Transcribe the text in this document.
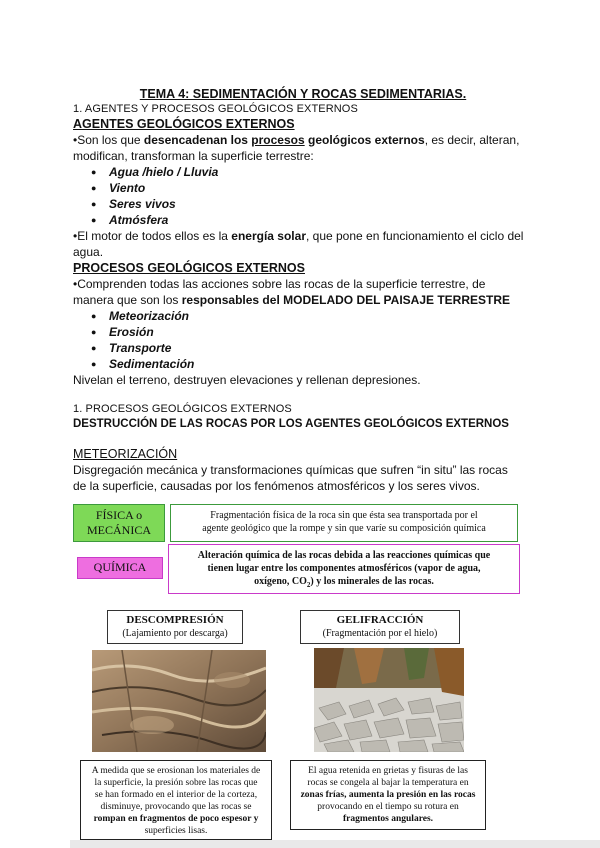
TEMA 4: SEDIMENTACIÓN Y ROCAS SEDIMENTARIAS.
1. AGENTES Y PROCESOS GEOLÓGICOS EXTERNOS
AGENTES GEOLÓGICOS EXTERNOS
•Son los que desencadenan los procesos geológicos externos, es decir, alteran,
modifican, transforman la superficie terrestre:
● Agua /hielo / Lluvia
● Viento
● Seres vivos
● Atmósfera
•El motor de todos ellos es la energía solar, que pone en funcionamiento el ciclo del
agua.
PROCESOS GEOLÓGICOS EXTERNOS
•Comprenden todas las acciones sobre las rocas de la superficie terrestre, de
manera que son los responsables del MODELADO DEL PAISAJE TERRESTRE
● Meteorización
● Erosión
● Transporte
● Sedimentación
Nivelan el terreno, destruyen elevaciones y rellenan depresiones.
1. PROCESOS GEOLÓGICOS EXTERNOS
DESTRUCCIÓN DE LAS ROCAS POR LOS AGENTES GEOLÓGICOS EXTERNOS
METEORIZACIÓN
Disgregación mecánica y transformaciones químicas que sufren “in situ” las rocas
de la superficie, causadas por los fenómenos atmosféricos y los seres vivos.
FÍSICA o
MECÁNICA
Fragmentación física de la roca sin que ésta sea transportada por el
agente geológico que la rompe y sin que varíe su composición química
QUÍMICA
Alteración química de las rocas debida a las reacciones químicas que
tienen lugar entre los componentes atmosféricos (vapor de agua,
oxígeno, $CO_2$) y los minerales de las rocas.
DESCOMPRESIÓN
(Lajamiento por descarga)
A medida que se erosionan los materiales de
la superficie, la presión sobre las rocas que
se han formado en el interior de la corteza,
disminuye, provocando que las rocas se
rompan en fragmentos de poco espesor y
superficies lisas.
GELIFRACCIÓN
(Fragmentación por el hielo)
El agua retenida en grietas y fisuras de las
rocas se congela al bajar la temperatura en
zonas frías, aumenta la presión en las rocas
provocando en el tiempo su rotura en
fragmentos angulares.
